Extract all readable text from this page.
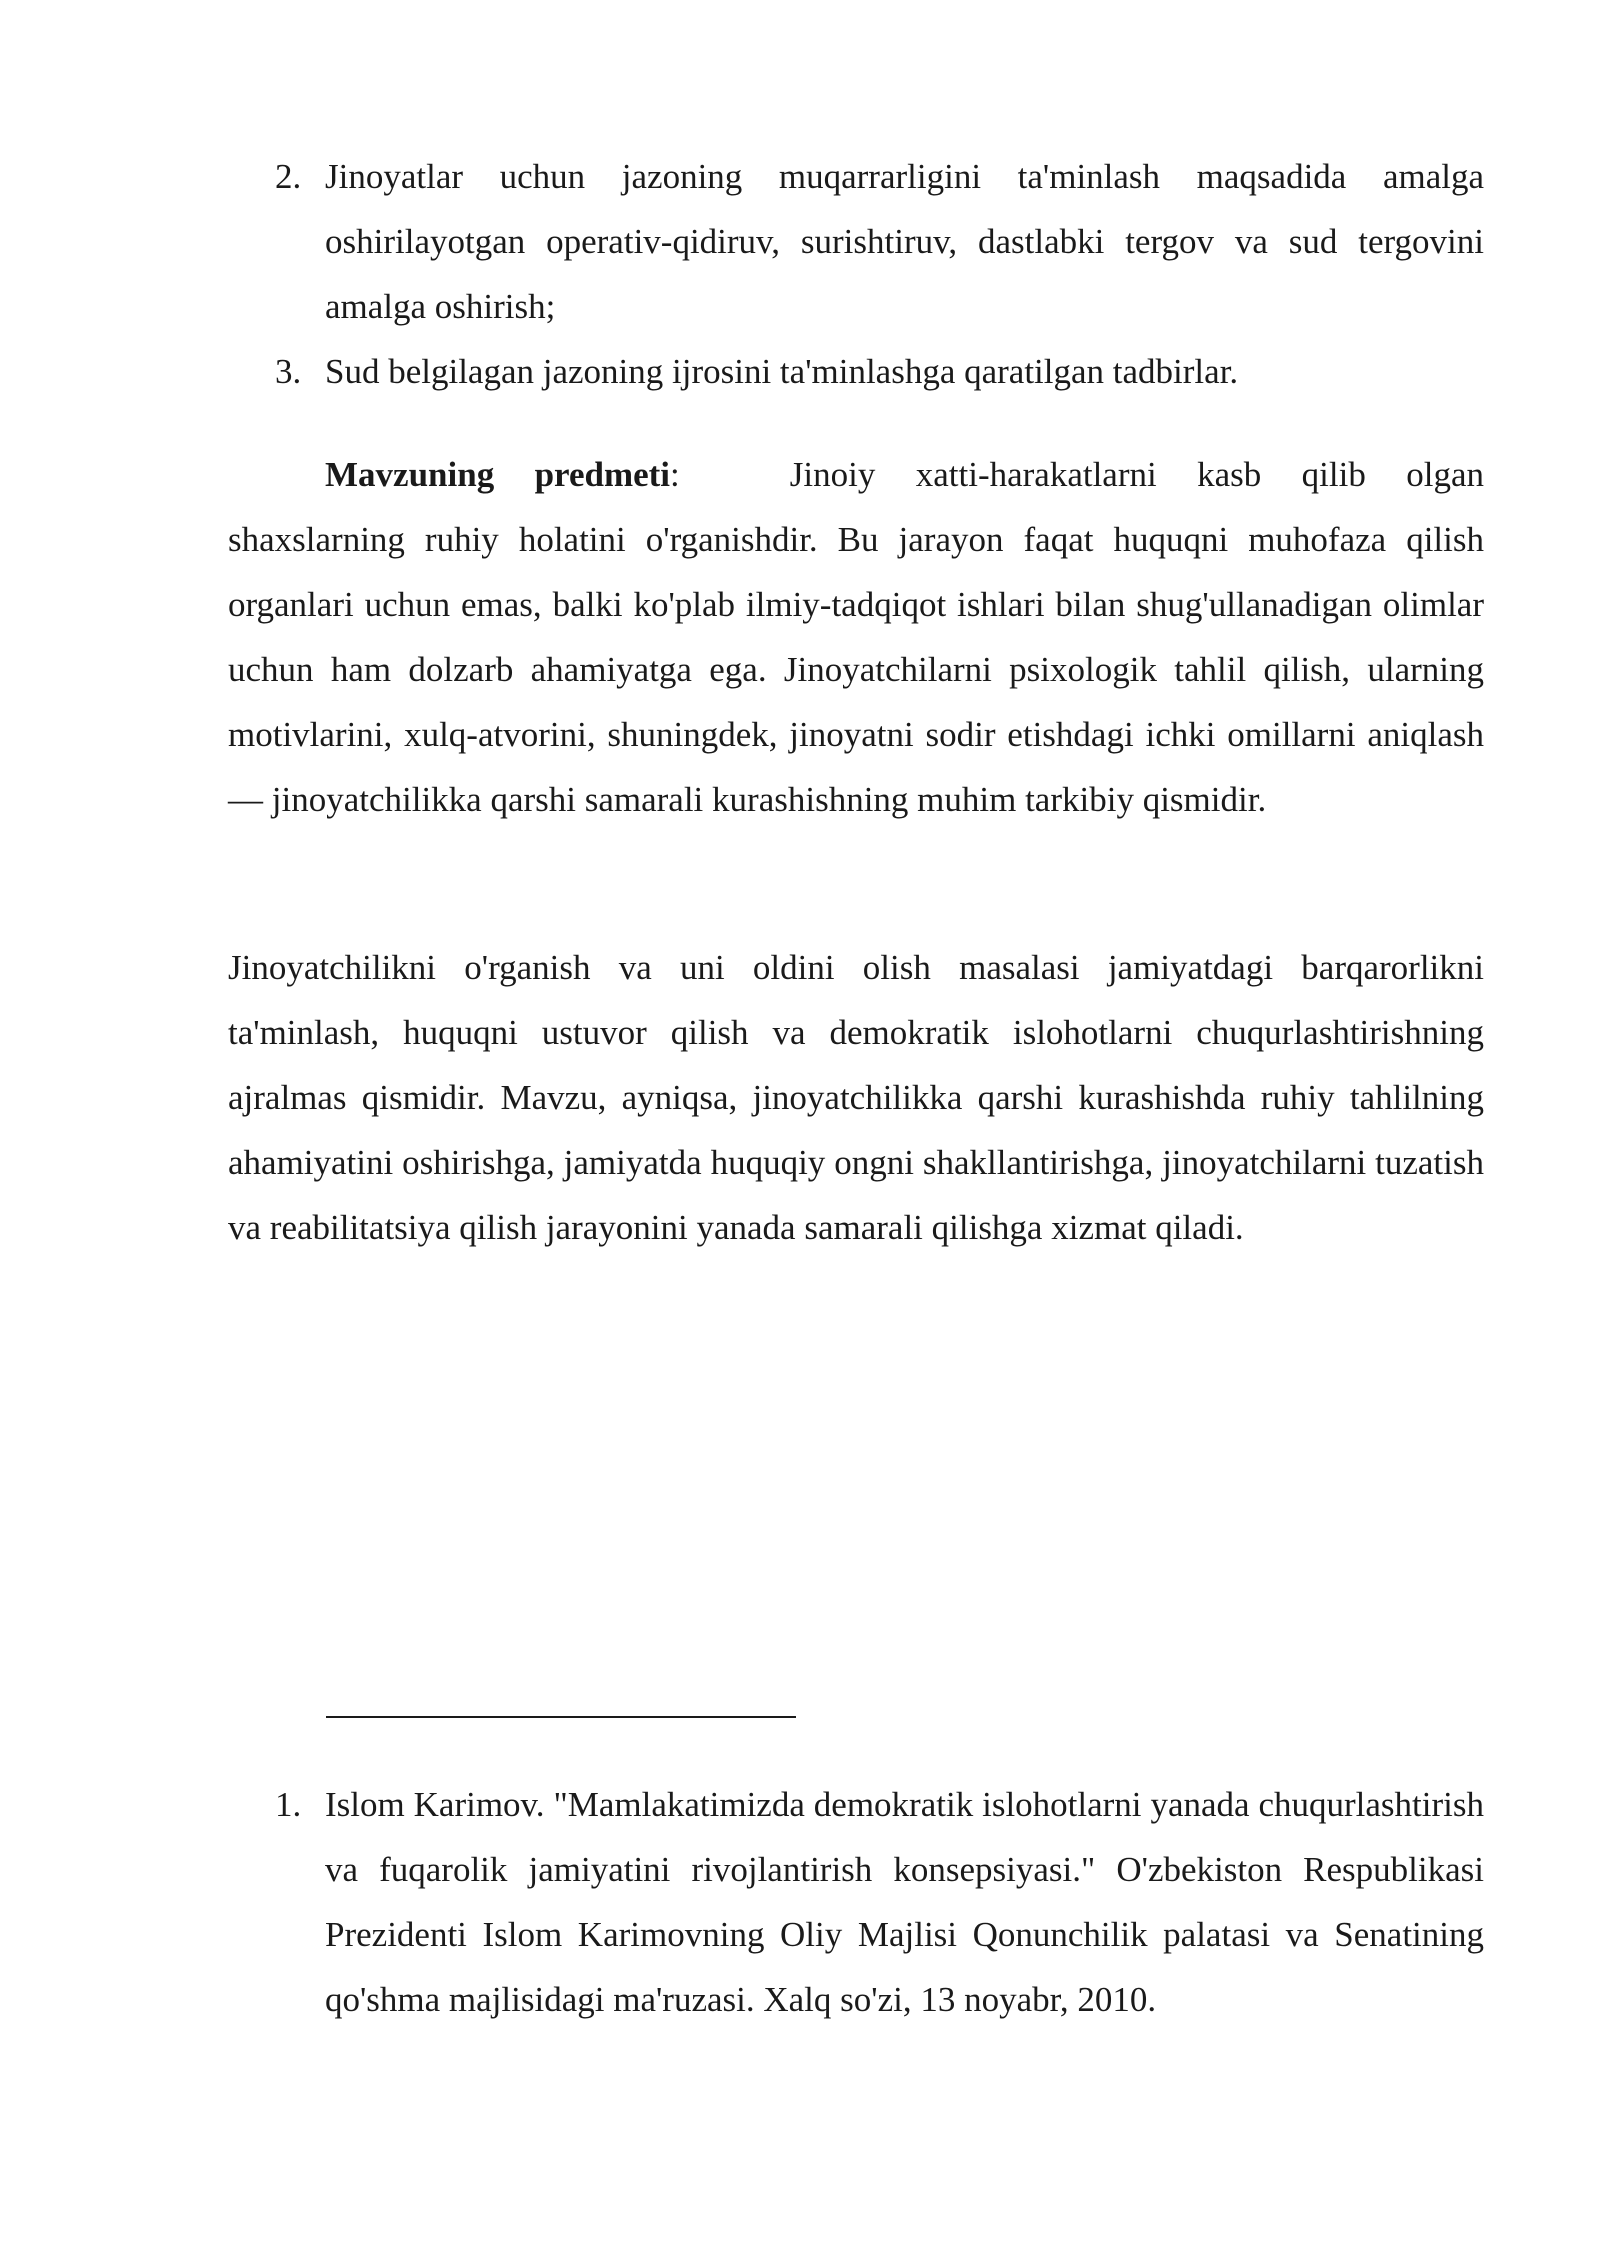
2. Jinoyatlar uchun jazoning muqarrarligini ta'minlash maqsadida amalga oshirilayotgan operativ-qidiruv, surishtiruv, dastlabki tergov va sud tergovini amalga oshirish;
3. Sud belgilagan jazoning ijrosini ta'minlashga qaratilgan tadbirlar.

Mavzuning predmeti:	Jinoiy xatti-harakatlarni kasb qilib olgan shaxslarning ruhiy holatini o'rganishdir. Bu jarayon faqat huquqni muhofaza qilish organlari uchun emas, balki ko'plab ilmiy-tadqiqot ishlari bilan shug'ullanadigan olimlar uchun ham dolzarb ahamiyatga ega. Jinoyatchilarni psixologik tahlil qilish, ularning motivlarini, xulq-atvorini, shuningdek, jinoyatni sodir etishdagi ichki omillarni aniqlash — jinoyatchilikka qarshi samarali kurashishning muhim tarkibiy qismidir.

Jinoyatchilikni o'rganish va uni oldini olish masalasi jamiyatdagi barqarorlikni ta'minlash, huquqni ustuvor qilish va demokratik islohotlarni chuqurlashtirishning ajralmas qismidir. Mavzu, ayniqsa, jinoyatchilikka qarshi kurashishda ruhiy tahlilning ahamiyatini oshirishga, jamiyatda huquqiy ongni shakllantirishga, jinoyatchilarni tuzatish va reabilitatsiya qilish jarayonini yanada samarali qilishga xizmat qiladi.

1. Islom Karimov. "Mamlakatimizda demokratik islohotlarni yanada chuqurlashtirish va fuqarolik jamiyatini rivojlantirish konsepsiyasi." O'zbekiston Respublikasi Prezidenti Islom Karimovning Oliy Majlisi Qonunchilik palatasi va Senatining qo'shma majlisidagi ma'ruzasi. Xalq so'zi, 13 noyabr, 2010.
